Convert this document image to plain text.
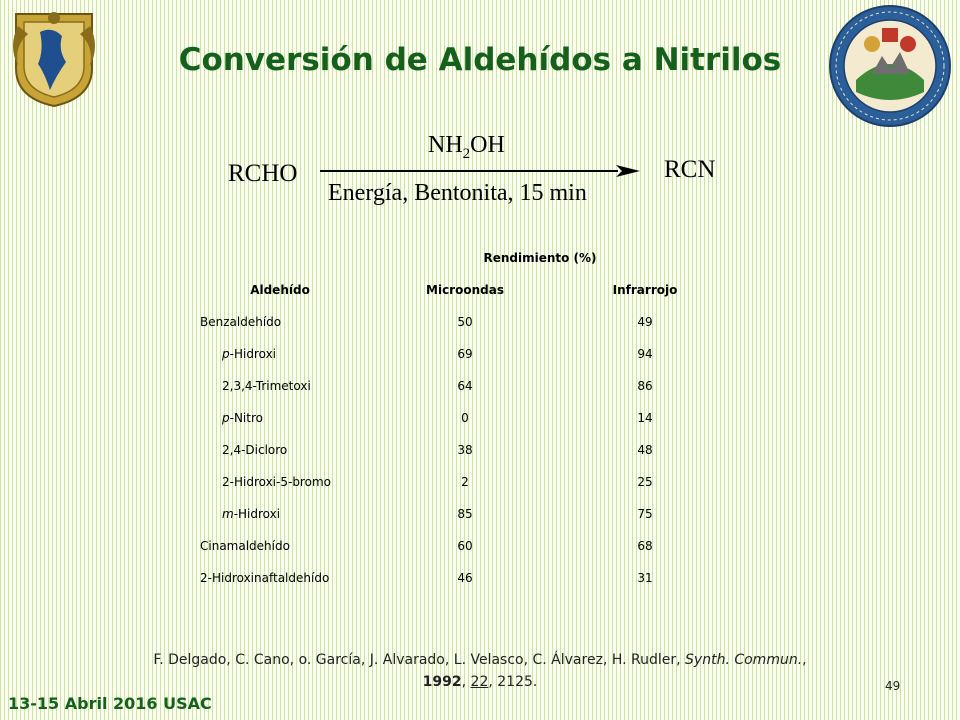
Conversión de Aldehídos a Nitrilos
RCHO
$NH_2OH$
Energía, Bentonita, 15 min
RCN
	Rendimiento (%)	
Aldehído	Microondas	Infrarrojo
Benzaldehído	50	49
p-Hidroxi	69	94
2,3,4-Trimetoxi	64	86
p-Nitro	0	14
2,4-Dicloro	38	48
2-Hidroxi-5-bromo	2	25
m-Hidroxi	85	75
Cinamaldehído	60	68
2-Hidroxinaftaldehído	46	31
F. Delgado, C. Cano, o. García, J. Alvarado, L. Velasco, C. Álvarez, H. Rudler, Synth. Commun., 1992, 22, 2125.
13-15 Abril 2016 USAC
49
